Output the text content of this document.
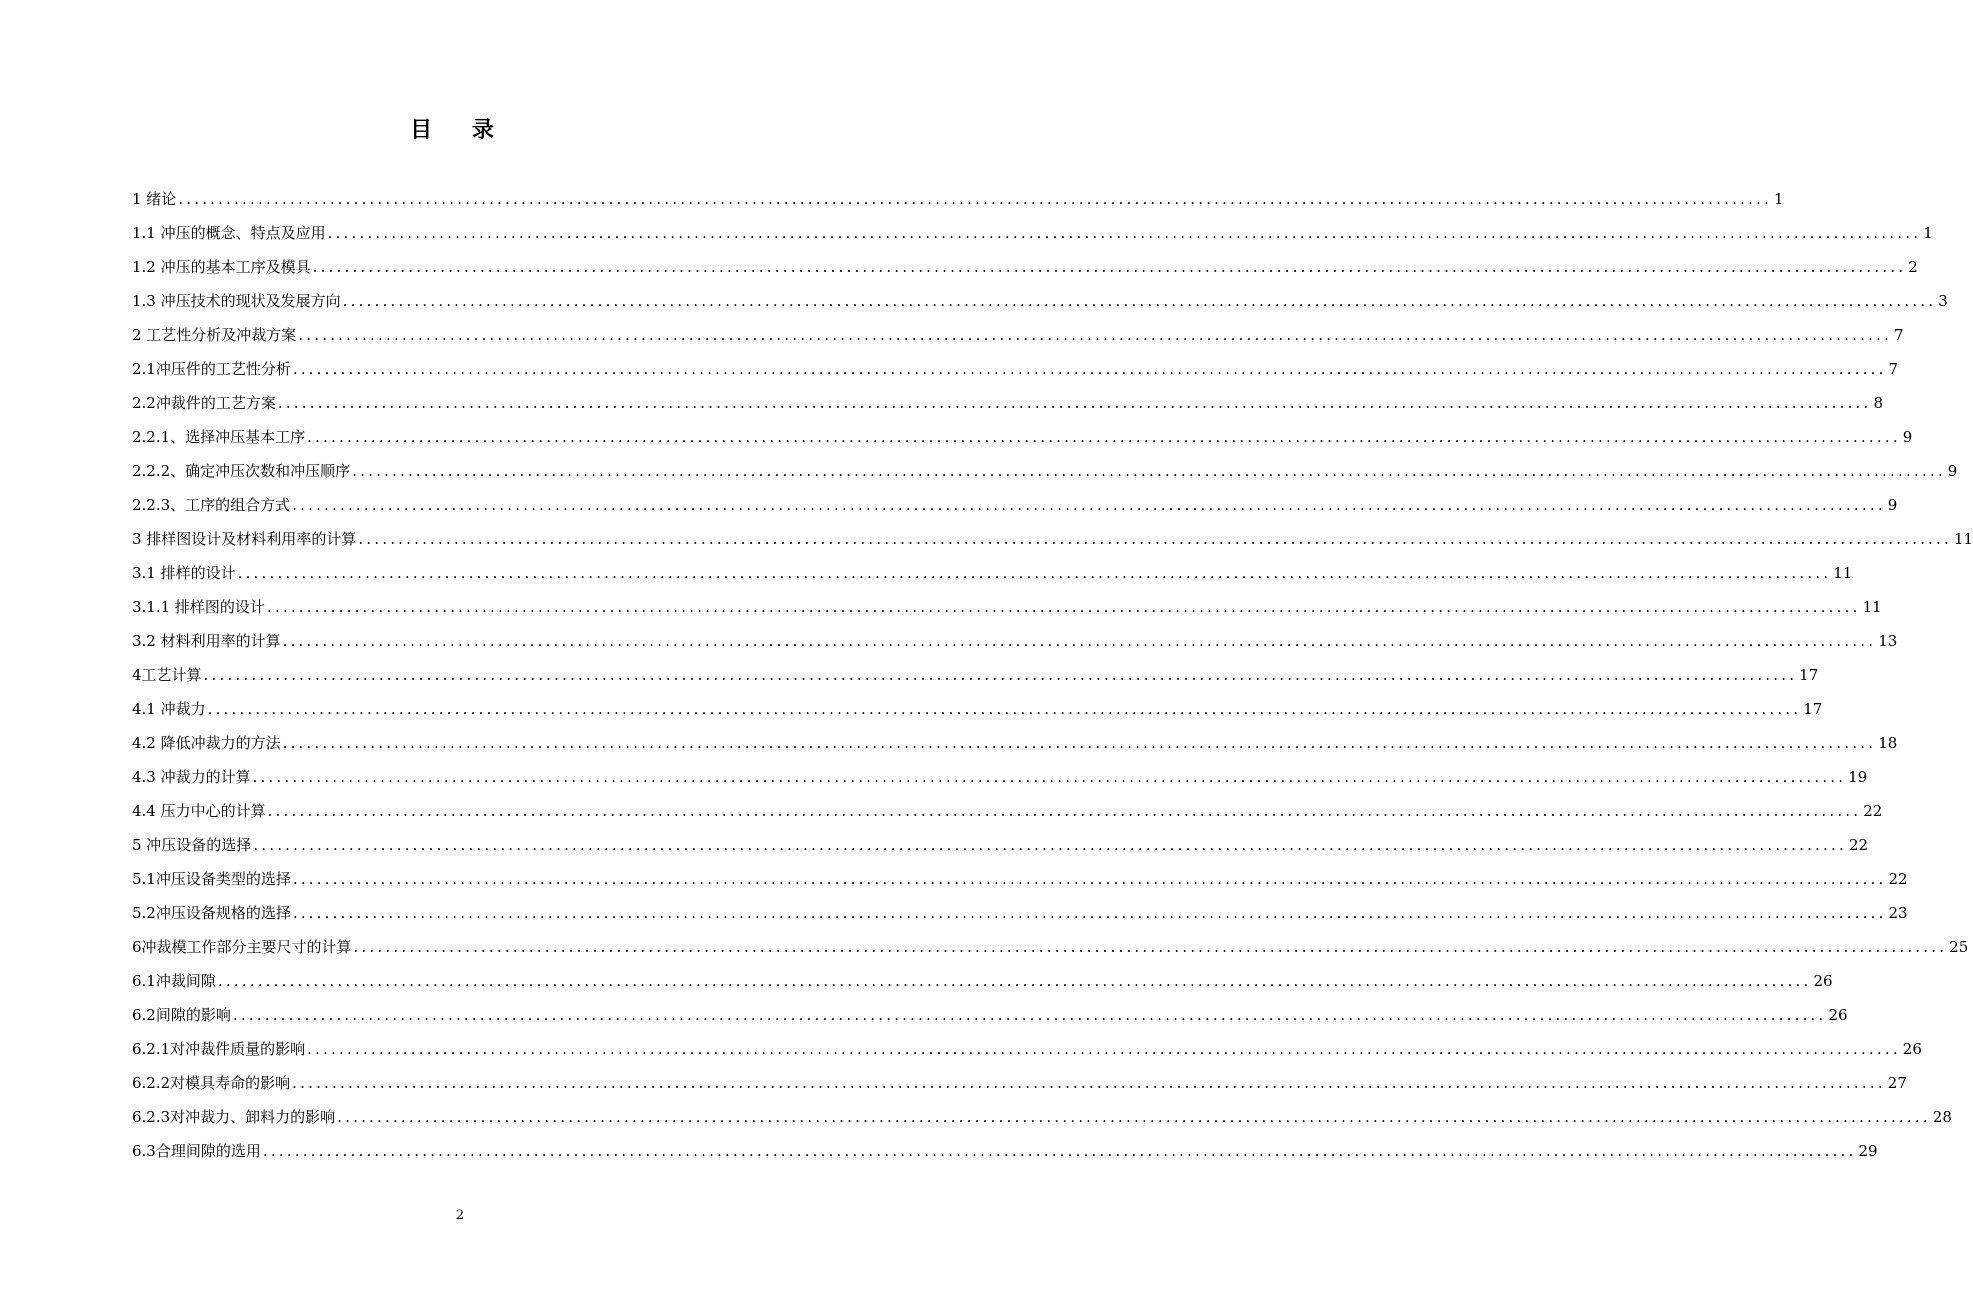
目 录
1 绪论 ........................................................................................................................................................................................................ 1
1.1 冲压的概念、特点及应用 ........................................................................................................................................................................................................ 1
1.2 冲压的基本工序及模具 ........................................................................................................................................................................................................ 2
1.3 冲压技术的现状及发展方向 ........................................................................................................................................................................................................ 3
2 工艺性分析及冲裁方案 ........................................................................................................................................................................................................ 7
2.1冲压件的工艺性分析 ........................................................................................................................................................................................................ 7
2.2冲裁件的工艺方案 ........................................................................................................................................................................................................ 8
2.2.1、选择冲压基本工序 ........................................................................................................................................................................................................ 9
2.2.2、确定冲压次数和冲压顺序 ........................................................................................................................................................................................................ 9
2.2.3、工序的组合方式 ........................................................................................................................................................................................................ 9
3 排样图设计及材料利用率的计算 ........................................................................................................................................................................................................ 11
3.1 排样的设计 ........................................................................................................................................................................................................ 11
3.1.1 排样图的设计 ........................................................................................................................................................................................................ 11
3.2 材料利用率的计算 ........................................................................................................................................................................................................ 13
4工艺计算 ........................................................................................................................................................................................................ 17
4.1 冲裁力 ........................................................................................................................................................................................................ 17
4.2 降低冲裁力的方法 ........................................................................................................................................................................................................ 18
4.3 冲裁力的计算 ........................................................................................................................................................................................................ 19
4.4 压力中心的计算 ........................................................................................................................................................................................................ 22
5 冲压设备的选择 ........................................................................................................................................................................................................ 22
5.1冲压设备类型的选择 ........................................................................................................................................................................................................ 22
5.2冲压设备规格的选择 ........................................................................................................................................................................................................ 23
6冲裁模工作部分主要尺寸的计算 ........................................................................................................................................................................................................ 25
6.1冲裁间隙 ........................................................................................................................................................................................................ 26
6.2间隙的影响 ........................................................................................................................................................................................................ 26
6.2.1对冲裁件质量的影响 ........................................................................................................................................................................................................ 26
6.2.2对模具寿命的影响 ........................................................................................................................................................................................................ 27
6.2.3对冲裁力、卸料力的影响 ........................................................................................................................................................................................................ 28
6.3合理间隙的选用 ........................................................................................................................................................................................................ 29
2
